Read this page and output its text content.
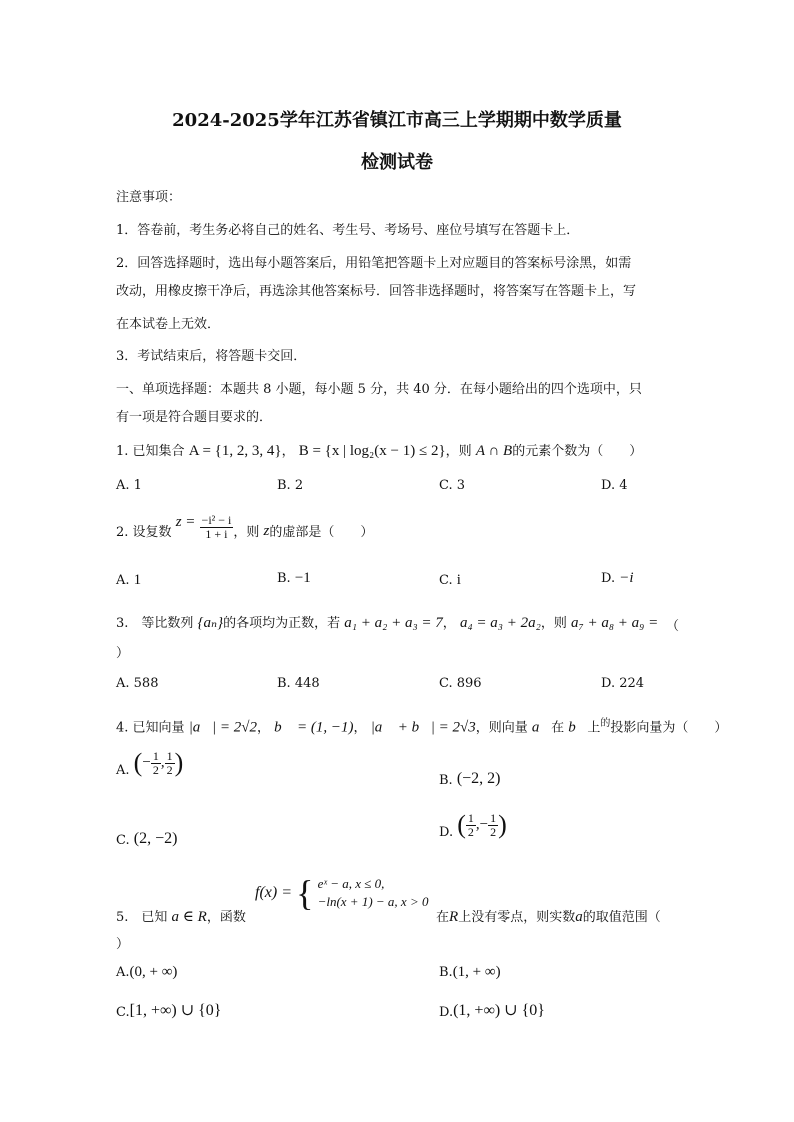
2024-2025学年江苏省镇江市高三上学期期中数学质量
检测试卷
注意事项：
1．答卷前，考生务必将自己的姓名、考生号、考场号、座位号填写在答题卡上．
2．回答选择题时，选出每小题答案后，用铅笔把答题卡上对应题目的答案标号涂黑，如需
改动，用橡皮擦干净后，再选涂其他答案标号．回答非选择题时，将答案写在答题卡上，写
在本试卷上无效．
3．考试结束后，将答题卡交回．
一、单项选择题：本题共 8 小题，每小题 5 分，共 40 分．在每小题给出的四个选项中，只
有一项是符合题目要求的．
1. 已知集合 A = {1, 2, 3, 4}， B = {x | log₂(x − 1) ≤ 2}，则 A ∩ B的元素个数为（　　）
A. 1	B. 2	C. 3	D. 4
2. 设复数 $z = \frac{\text{−i² − i}}{1 + i}$ ，则 z的虚部是（　　）
A. 1	B. −1	C. i	D. −i
3.　等比数列 {aₙ}的各项均为正数，若 a₁ + a₂ + a₃ = 7， a₄ = a₃ + 2a₂，则 a₇ + a₈ + a₉ = （
）
A. 588	B. 448	C. 896	D. 224
4. 已知向量 |a⃗| = 2√2， b⃗ = (1, −1)， |a⃗ + b⃗| = 2√3，则向量 a⃗在 b⃗上$^的$投影向量为（　　）
A. (− $\frac{1}{2}$ , $\frac{1}{2}$ )
B. (−2, 2)
C. (2, −2)	D. ( $\frac{1}{2}$ ,− $\frac{1}{2}$ )
f(x) = { eˣ − a, x ≤ 0,
−ln(x + 1) − a, x > 0
5.　已知 a ∈ R，函数	在R上没有零点，则实数a的取值范围（
）
A.(0, + ∞)	B.(1, + ∞)
C.[1, +∞) ∪ {0}	D.(1, +∞) ∪ {0}
